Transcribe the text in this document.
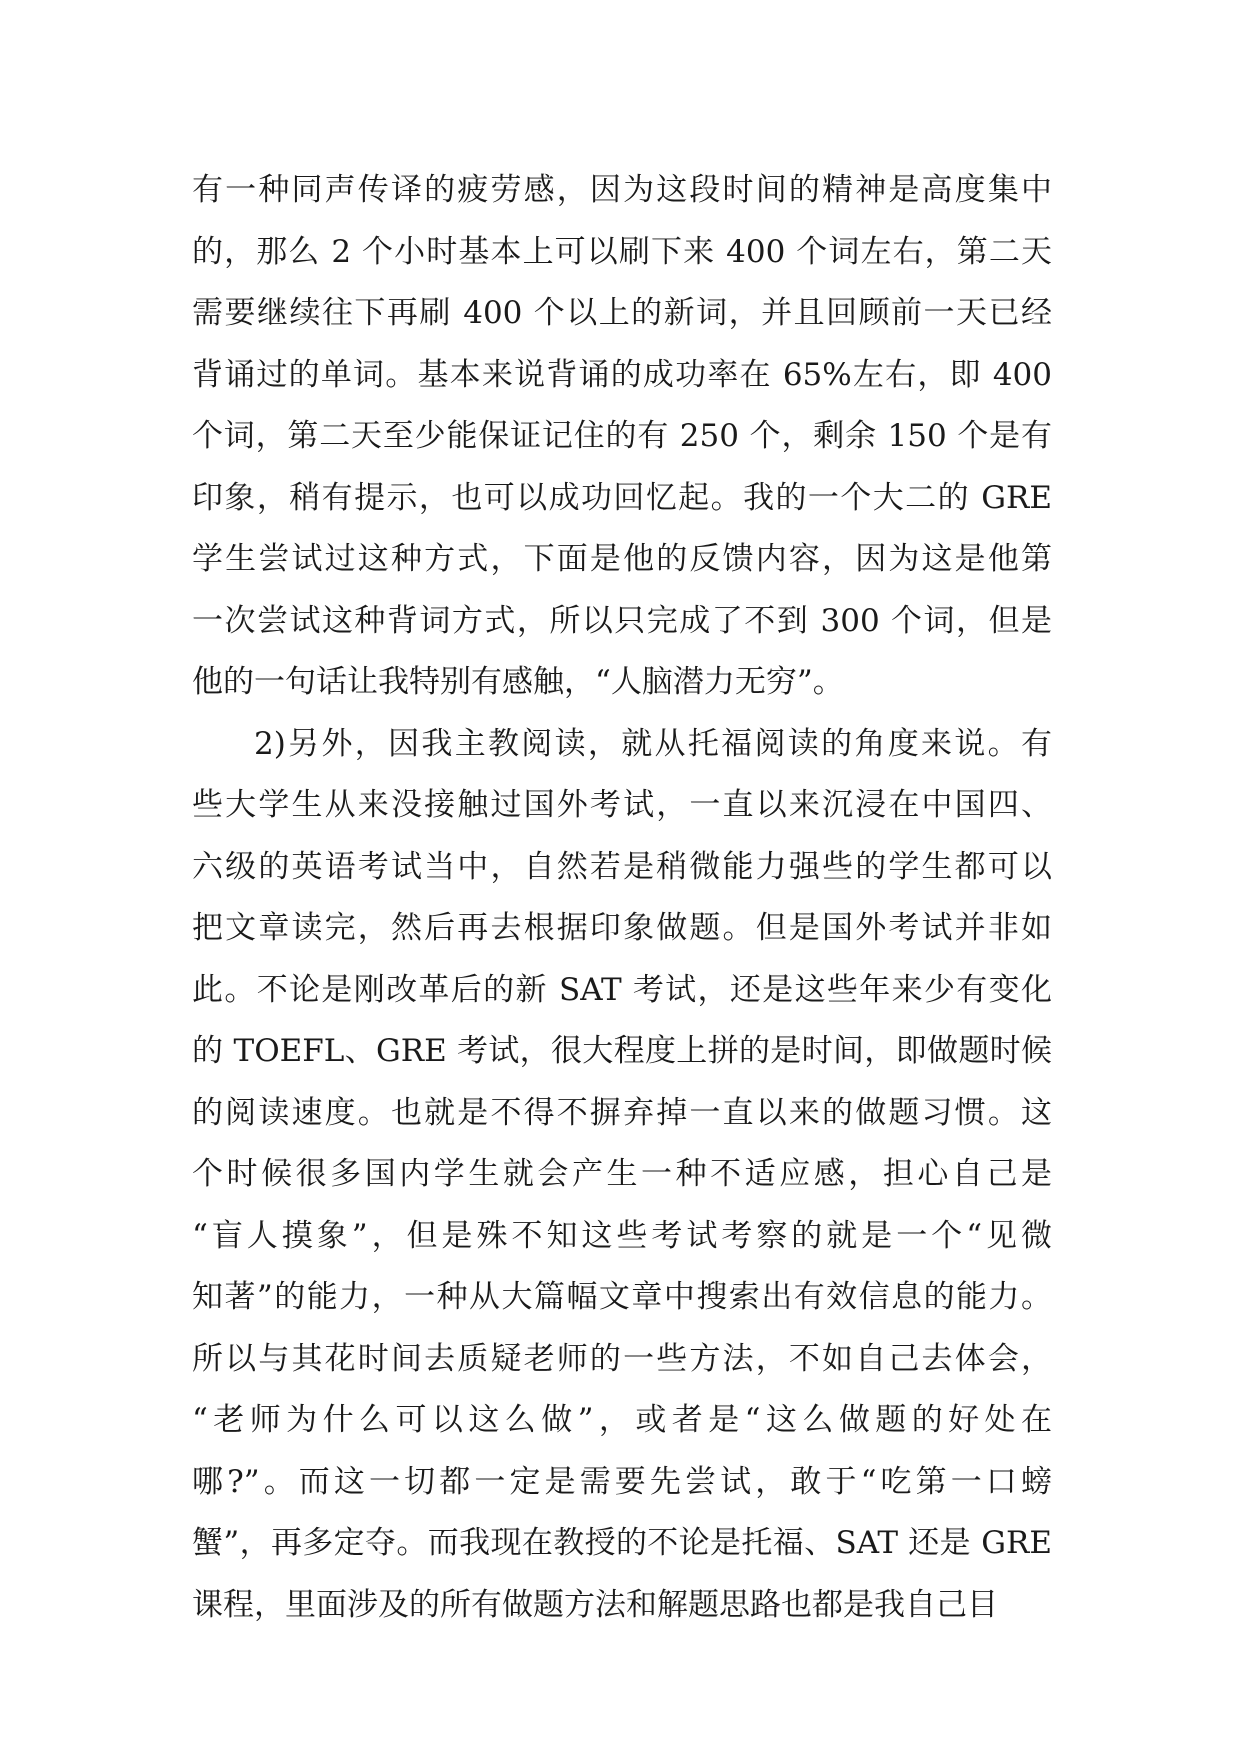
有一种同声传译的疲劳感，因为这段时间的精神是高度集中
的，那么 2 个小时基本上可以刷下来 400 个词左右，第二天
需要继续往下再刷 400 个以上的新词，并且回顾前一天已经
背诵过的单词。基本来说背诵的成功率在 65%左右，即 400
个词，第二天至少能保证记住的有 250 个，剩余 150 个是有
印象，稍有提示，也可以成功回忆起。我的一个大二的 GRE
学生尝试过这种方式，下面是他的反馈内容，因为这是他第
一次尝试这种背词方式，所以只完成了不到 300 个词，但是
他的一句话让我特别有感触，“人脑潜力无穷”。
2)另外，因我主教阅读，就从托福阅读的角度来说。有
些大学生从来没接触过国外考试，一直以来沉浸在中国四、
六级的英语考试当中，自然若是稍微能力强些的学生都可以
把文章读完，然后再去根据印象做题。但是国外考试并非如
此。不论是刚改革后的新 SAT 考试，还是这些年来少有变化
的 TOEFL、GRE 考试，很大程度上拼的是时间，即做题时候
的阅读速度。也就是不得不摒弃掉一直以来的做题习惯。这
个时候很多国内学生就会产生一种不适应感，担心自己是
“盲人摸象”，但是殊不知这些考试考察的就是一个“见微
知著”的能力，一种从大篇幅文章中搜索出有效信息的能力。
所以与其花时间去质疑老师的一些方法，不如自己去体会，
“老师为什么可以这么做”，或者是“这么做题的好处在
哪?”。而这一切都一定是需要先尝试，敢于“吃第一口螃
蟹”，再多定夺。而我现在教授的不论是托福、SAT 还是 GRE
课程，里面涉及的所有做题方法和解题思路也都是我自己目
